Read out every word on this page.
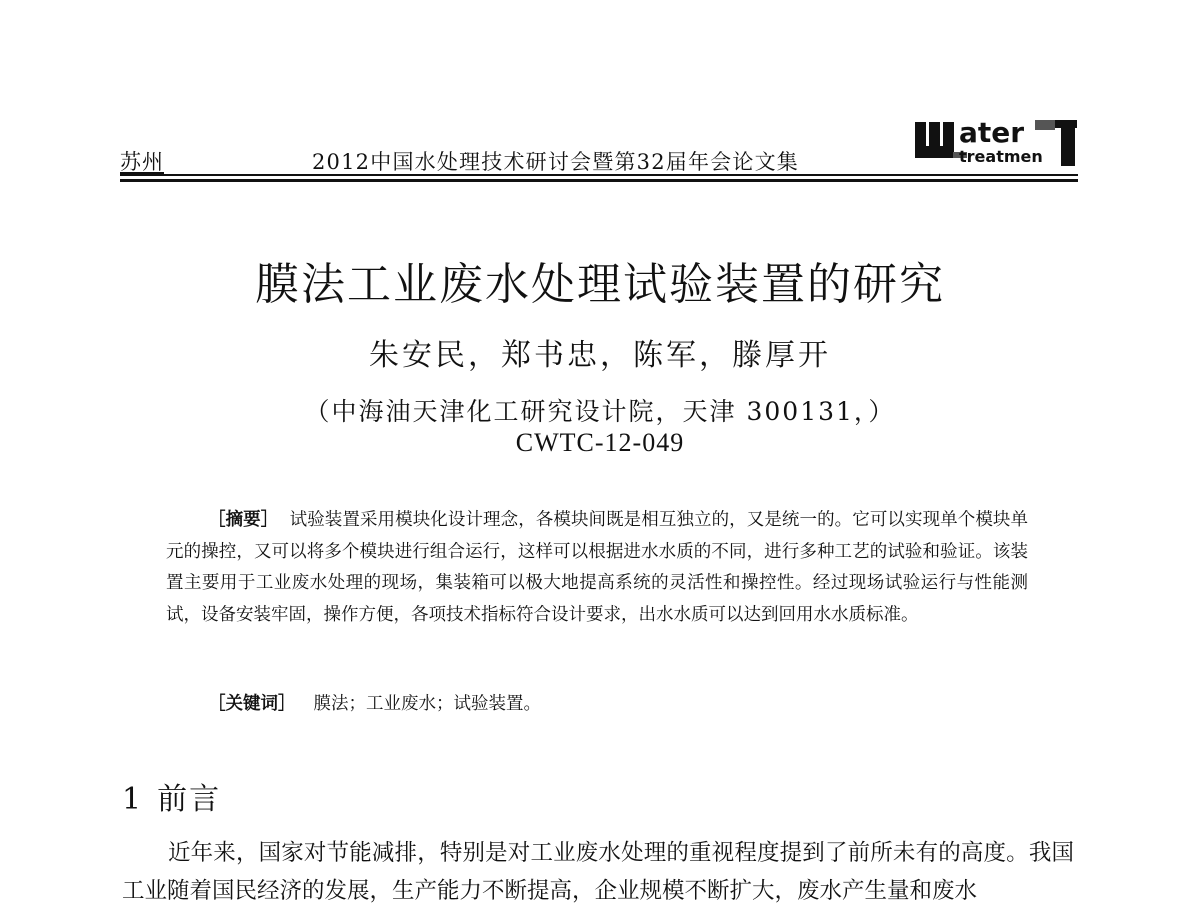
苏州	2012中国水处理技术研讨会暨第32届年会论文集
ater
treatmen
膜法工业废水处理试验装置的研究
朱安民，郑书忠，陈军，滕厚开
（中海油天津化工研究设计院，天津 300131，）
CWTC-12-049
［摘要］ 试验装置采用模块化设计理念，各模块间既是相互独立的，又是统一的。它可以实现单个模块单元的操控，又可以将多个模块进行组合运行，这样可以根据进水水质的不同，进行多种工艺的试验和验证。该装置主要用于工业废水处理的现场，集装箱可以极大地提高系统的灵活性和操控性。经过现场试验运行与性能测试，设备安装牢固，操作方便，各项技术指标符合设计要求，出水水质可以达到回用水水质标准。
［关键词］ 膜法；工业废水；试验装置。
1 前言
近年来，国家对节能减排，特别是对工业废水处理的重视程度提到了前所未有的高度。我国工业随着国民经济的发展，生产能力不断提高，企业规模不断扩大，废水产生量和废水
